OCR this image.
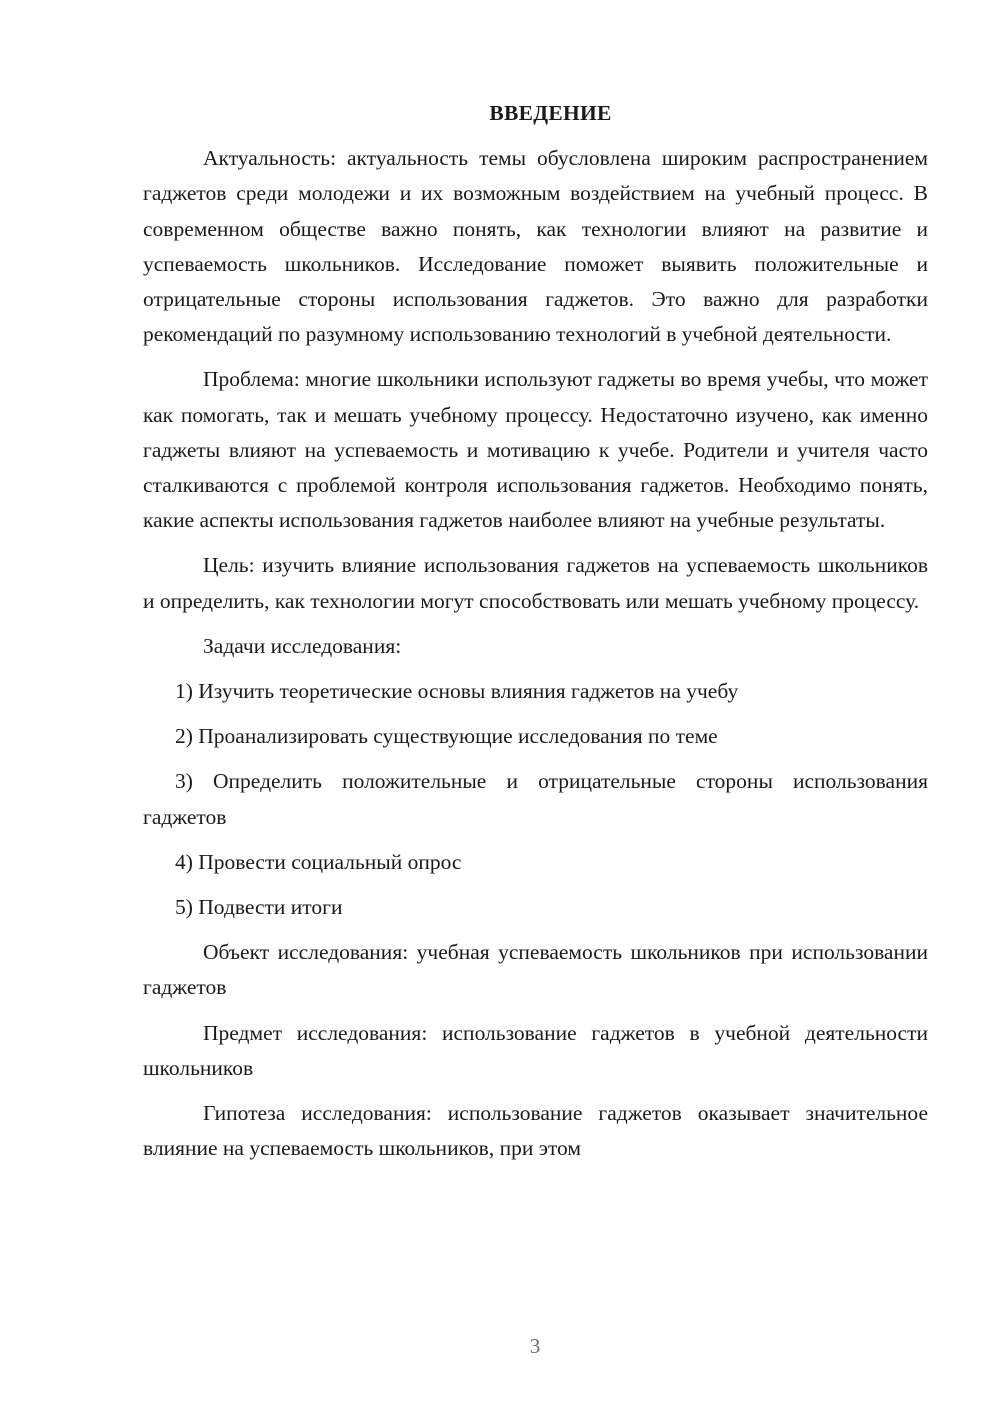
ВВЕДЕНИЕ

Актуальность: актуальность темы обусловлена широким распространением гаджетов среди молодежи и их возможным воздействием на учебный процесс. В современном обществе важно понять, как технологии влияют на развитие и успеваемость школьников. Исследование поможет выявить положительные и отрицательные стороны использования гаджетов. Это важно для разработки рекомендаций по разумному использованию технологий в учебной деятельности.

Проблема: многие школьники используют гаджеты во время учебы, что может как помогать, так и мешать учебному процессу. Недостаточно изучено, как именно гаджеты влияют на успеваемость и мотивацию к учебе. Родители и учителя часто сталкиваются с проблемой контроля использования гаджетов. Необходимо понять, какие аспекты использования гаджетов наиболее влияют на учебные результаты.

Цель: изучить влияние использования гаджетов на успеваемость школьников и определить, как технологии могут способствовать или мешать учебному процессу.

Задачи исследования:

1) Изучить теоретические основы влияния гаджетов на учебу

2) Проанализировать существующие исследования по теме

3) Определить положительные и отрицательные стороны использования гаджетов

4) Провести социальный опрос

5) Подвести итоги

Объект исследования: учебная успеваемость школьников при использовании гаджетов

Предмет исследования: использование гаджетов в учебной деятельности школьников

Гипотеза исследования: использование гаджетов оказывает значительное влияние на успеваемость школьников, при этом

3
